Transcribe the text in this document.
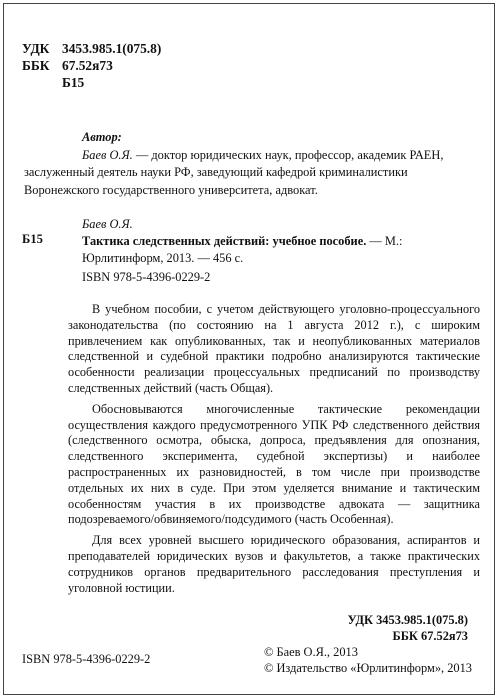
УДК 3453.985.1(075.8)
ББК 67.52я73
Б15
Автор:
Баев О.Я. — доктор юридических наук, профессор, академик РАЕН,
заслуженный деятель науки РФ, заведующий кафедрой криминалистики Воронежского государственного университета, адвокат.
Б15
Баев О.Я.
Тактика следственных действий: учебное пособие. — М.: Юрлитинформ, 2013. — 456 с.
ISBN 978-5-4396-0229-2

В учебном пособии, с учетом действующего уголовно-процессуального законодательства (по состоянию на 1 августа 2012 г.), с широким привлечением как опубликованных, так и неопубликованных материалов следственной и судебной практики подробно анализируются тактические особенности реализации процессуальных предписаний по производству следственных действий (часть Общая).

Обосновываются многочисленные тактические рекомендации осуществления каждого предусмотренного УПК РФ следственного действия (следственного осмотра, обыска, допроса, предъявления для опознания, следственного эксперимента, судебной экспертизы) и наиболее распространенных их разновидностей, в том числе при производстве отдельных их них в суде. При этом уделяется внимание и тактическим особенностям участия в их производстве адвоката — защитника подозреваемого/обвиняемого/подсудимого (часть Особенная).

Для всех уровней высшего юридического образования, аспирантов и преподавателей юридических вузов и факультетов, а также практических сотрудников органов предварительного расследования преступления и уголовной юстиции.

УДК 3453.985.1(075.8)
ББК 67.52я73
ISBN 978-5-4396-0229-2	© Баев О.Я., 2013
© Издательство «Юрлитинформ», 2013
